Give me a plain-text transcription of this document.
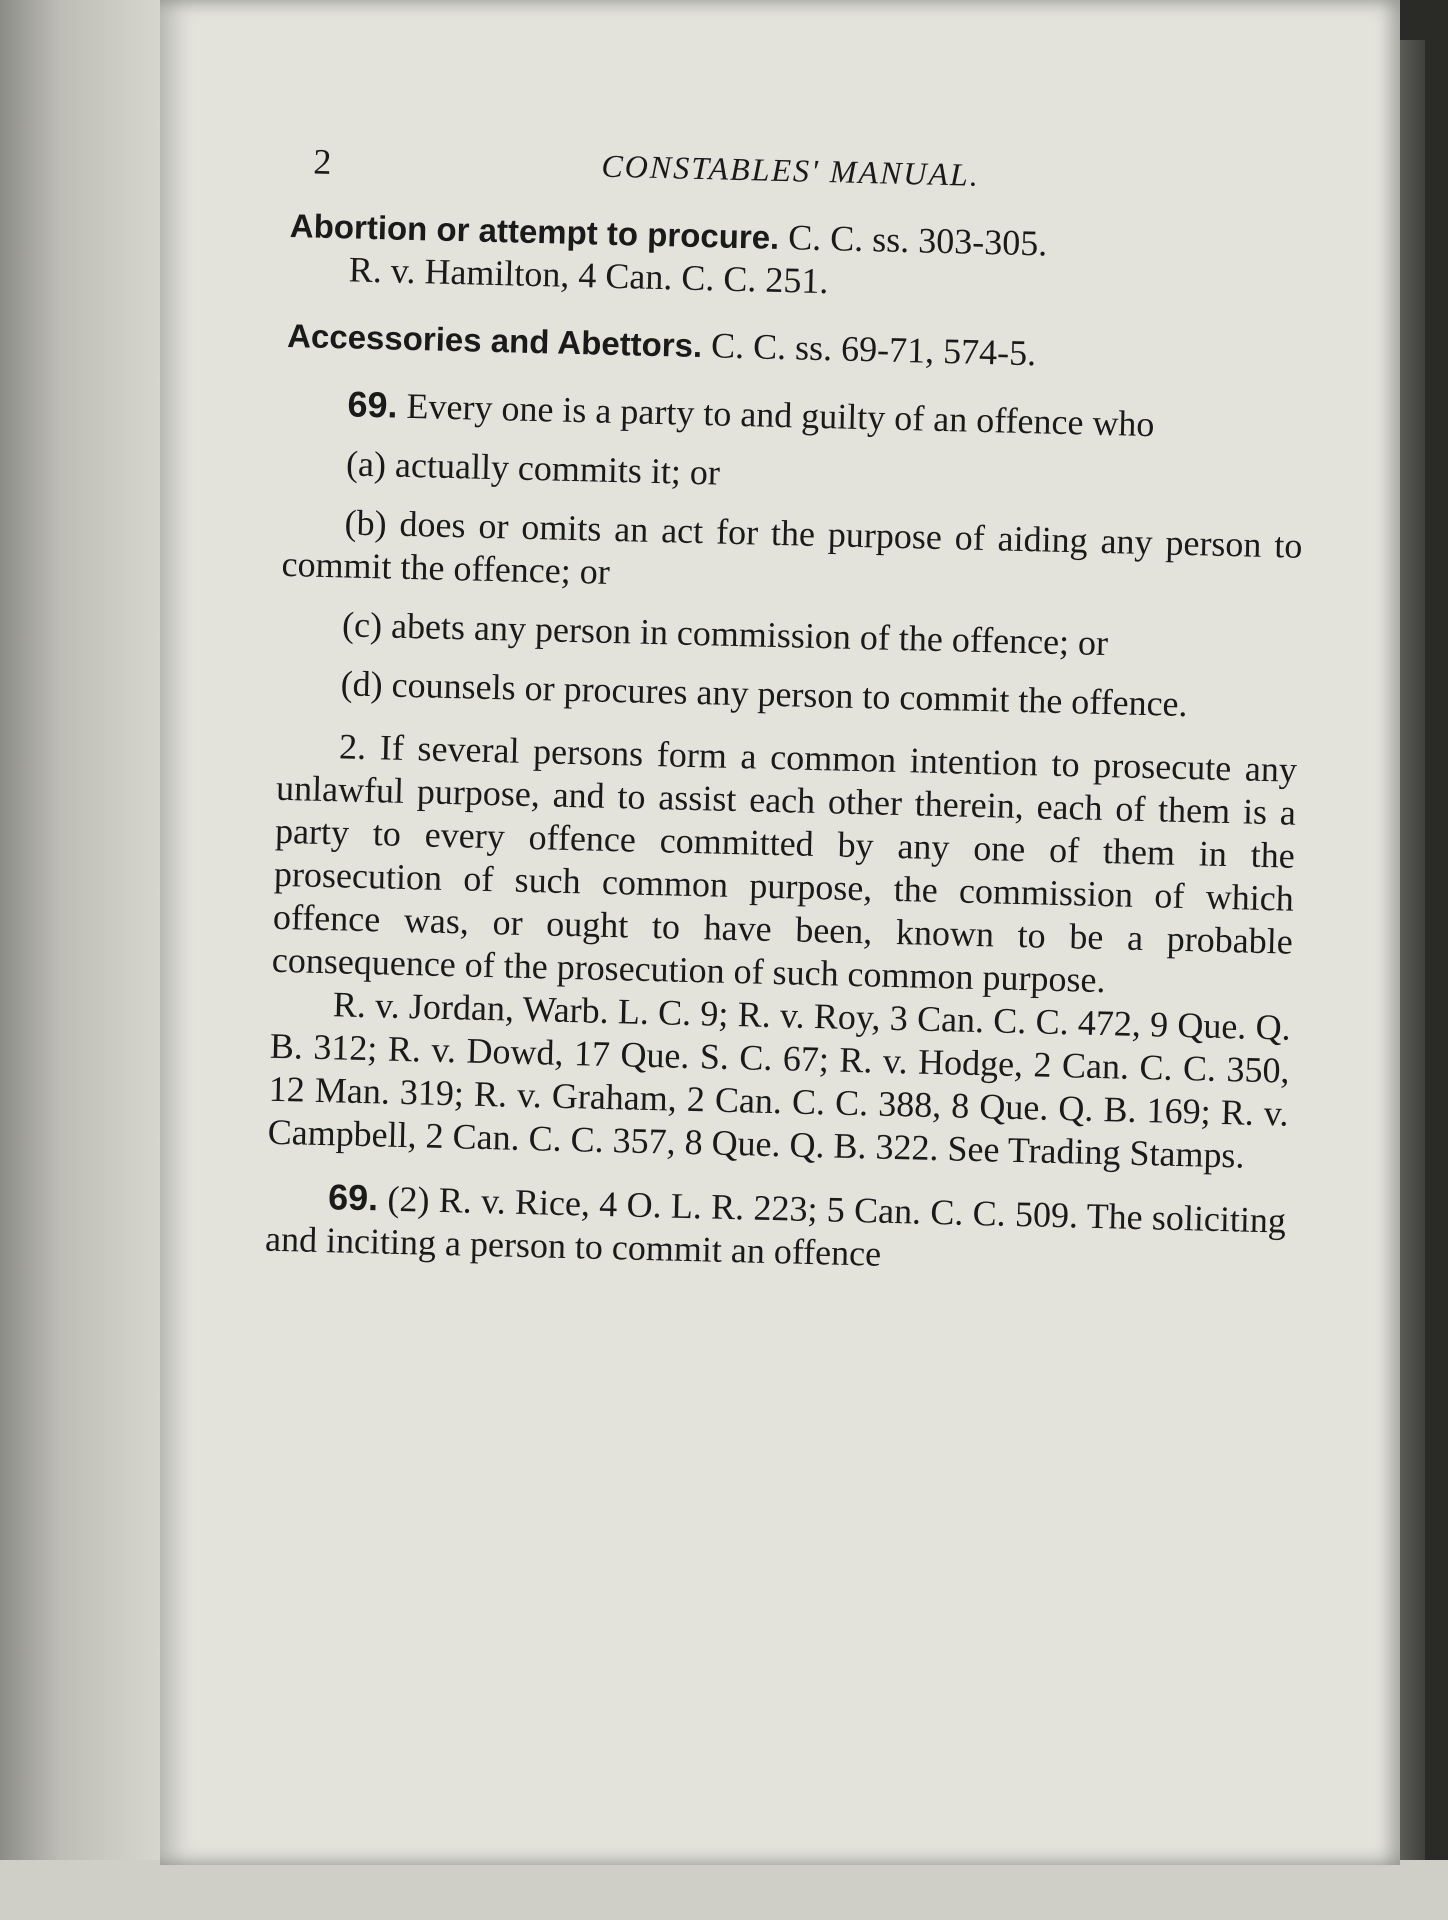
2	CONSTABLES' MANUAL.

Abortion or attempt to procure. C. C. ss. 303-305.

R. v. Hamilton, 4 Can. C. C. 251.

Accessories and Abettors. C. C. ss. 69-71, 574-5.

69. Every one is a party to and guilty of an offence who

(a) actually commits it; or

(b) does or omits an act for the purpose of aiding any person to commit the offence; or

(c) abets any person in commission of the offence; or

(d) counsels or procures any person to commit the offence.

2. If several persons form a common intention to prosecute any unlawful purpose, and to assist each other therein, each of them is a party to every offence committed by any one of them in the prosecution of such common purpose, the commission of which offence was, or ought to have been, known to be a probable consequence of the prosecution of such common purpose.

R. v. Jordan, Warb. L. C. 9; R. v. Roy, 3 Can. C. C. 472, 9 Que. Q. B. 312; R. v. Dowd, 17 Que. S. C. 67; R. v. Hodge, 2 Can. C. C. 350, 12 Man. 319; R. v. Graham, 2 Can. C. C. 388, 8 Que. Q. B. 169; R. v. Campbell, 2 Can. C. C. 357, 8 Que. Q. B. 322. See Trading Stamps.

69. (2) R. v. Rice, 4 O. L. R. 223; 5 Can. C. C. 509. The soliciting and inciting a person to commit an offence
